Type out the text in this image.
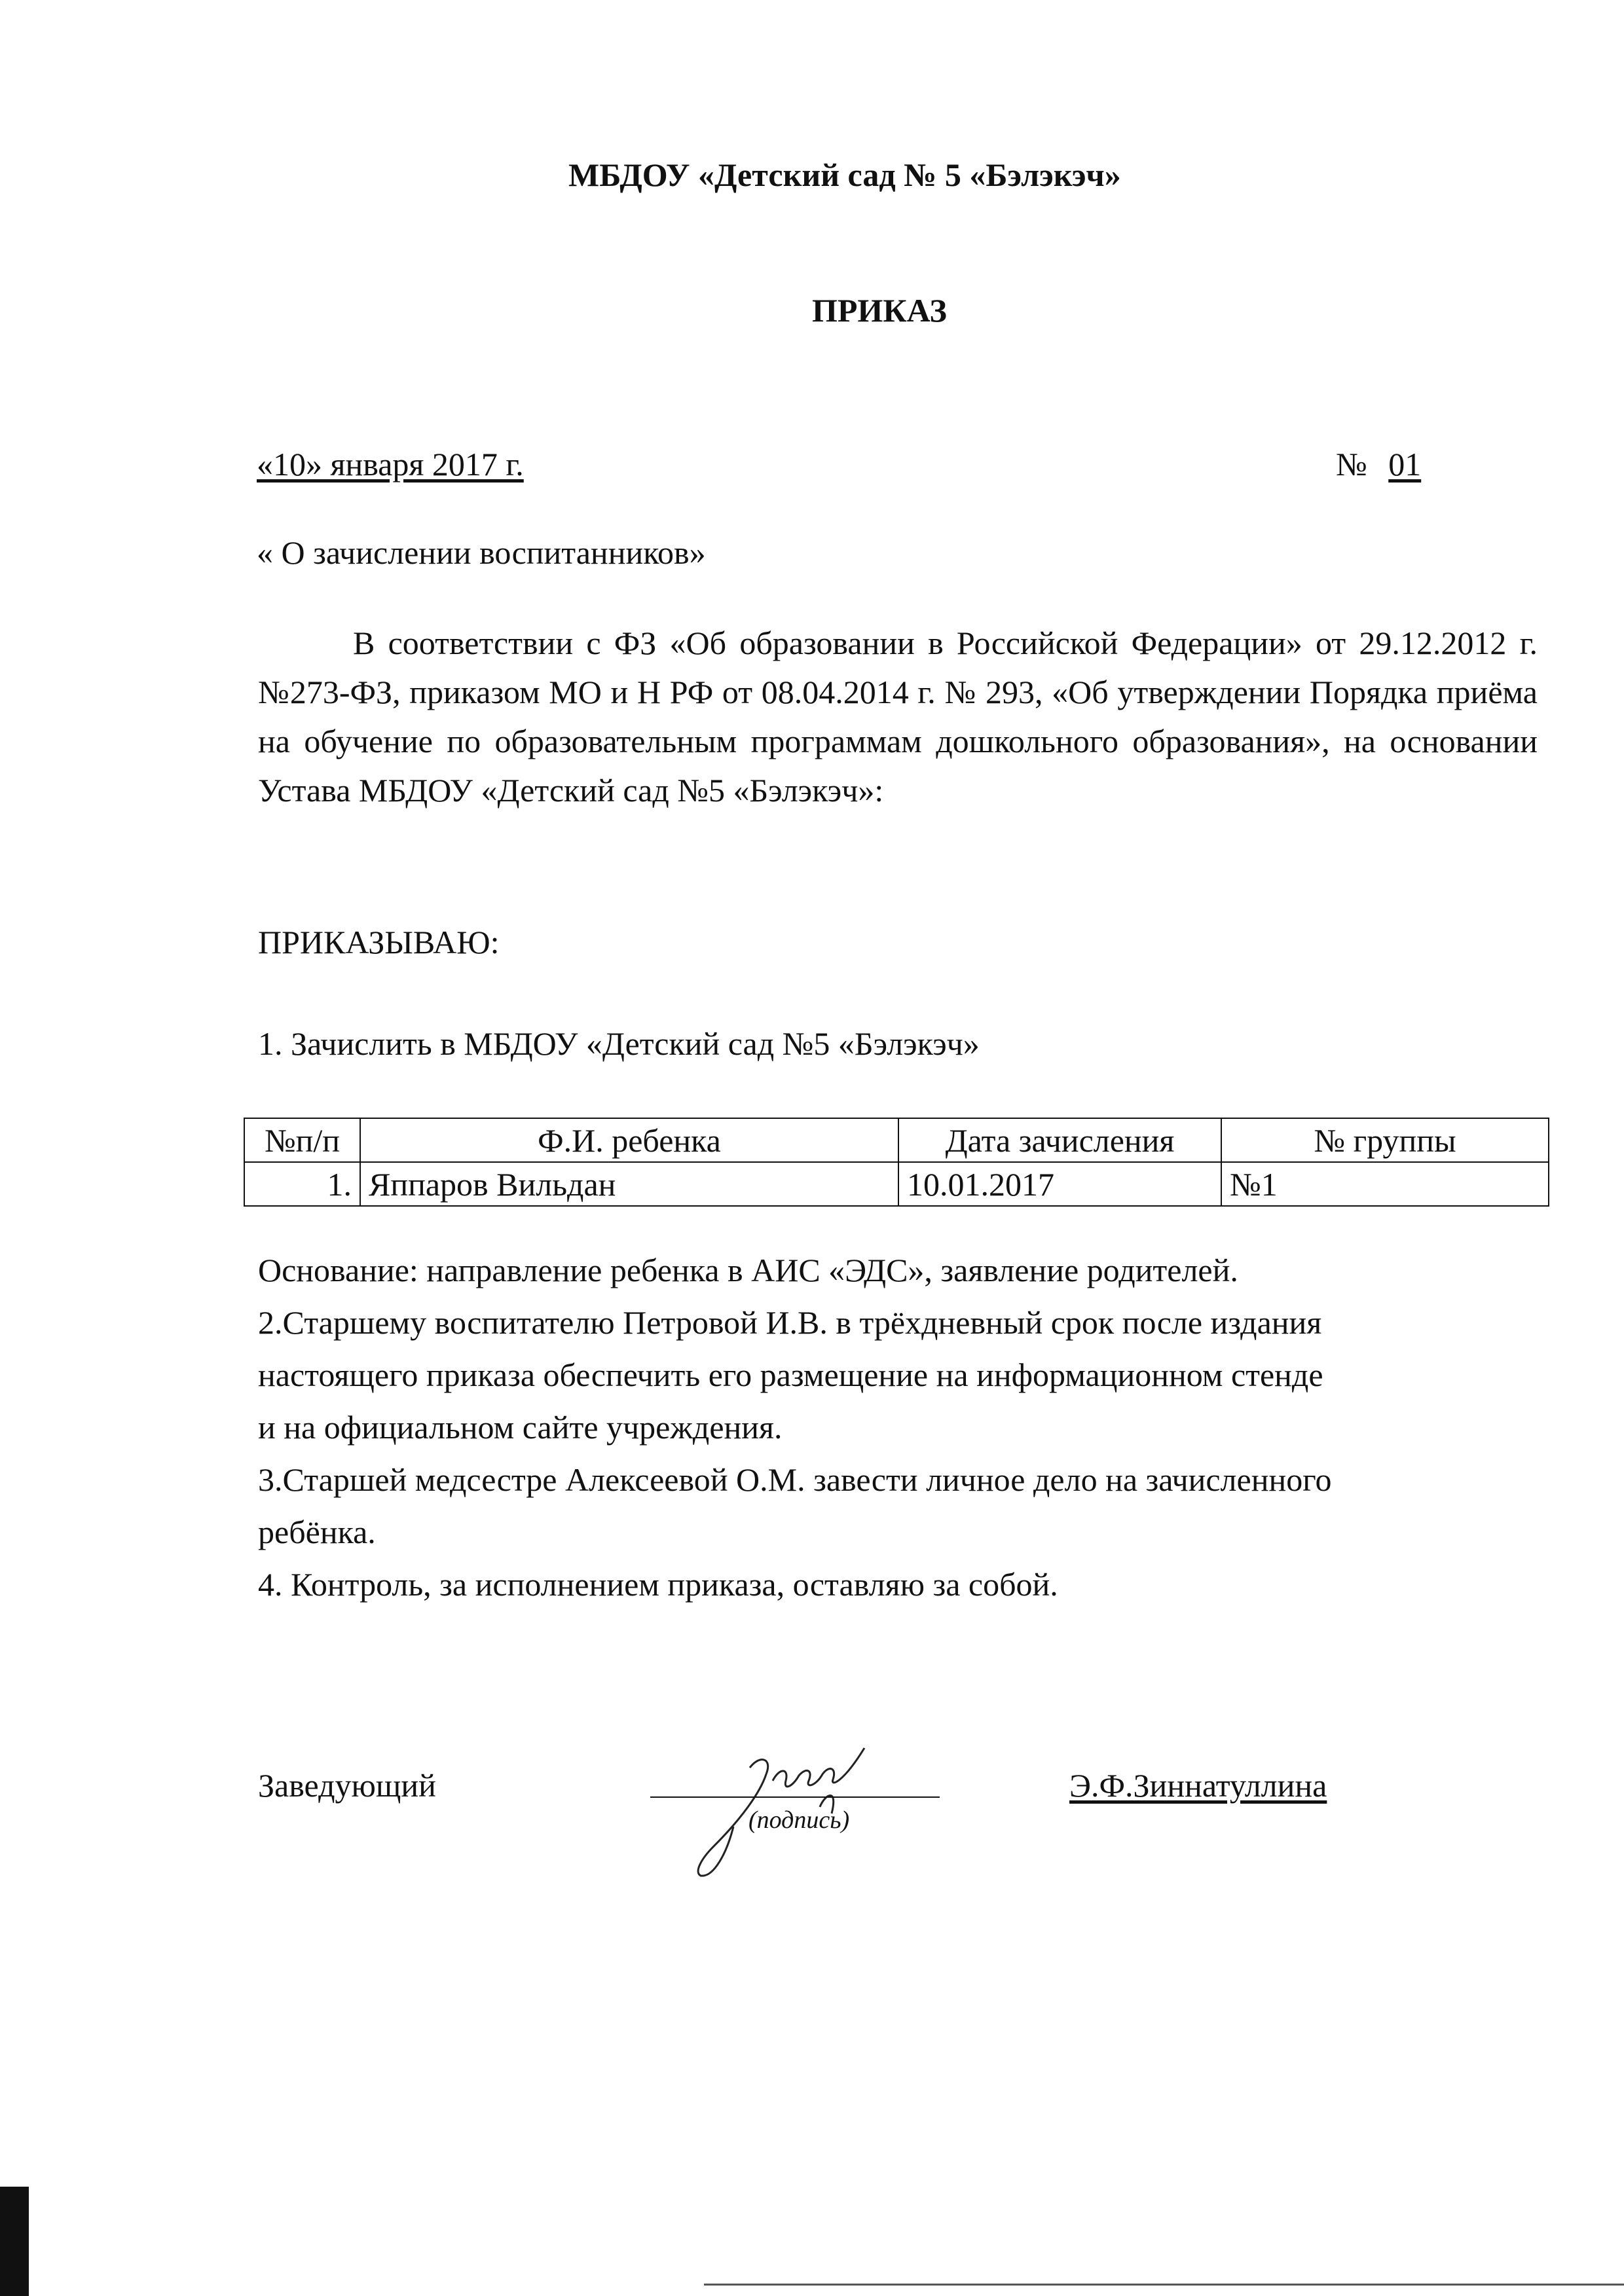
МБДОУ «Детский сад № 5 «Бэлэкэч»
ПРИКАЗ
«10» января 2017 г.	№ 01
« О зачислении воспитанников»

В соответствии с ФЗ «Об образовании в Российской Федерации» от 29.12.2012 г. №273-ФЗ, приказом МО и Н РФ от 08.04.2014 г. № 293, «Об утверждении Порядка приёма на обучение по образовательным программам дошкольного образования», на основании Устава МБДОУ «Детский сад №5 «Бэлэкэч»:

ПРИКАЗЫВАЮ:
1. Зачислить в МБДОУ «Детский сад №5 «Бэлэкэч»
№п/п	Ф.И. ребенка	Дата зачисления	№ группы
1.	Яппаров Вильдан	10.01.2017	№1

Основание: направление ребенка в АИС «ЭДС», заявление родителей.

2.Старшему воспитателю Петровой И.В. в трёхдневный срок после издания

настоящего приказа обеспечить его размещение на информационном стенде

и на официальном сайте учреждения.

3.Старшей медсестре Алексеевой О.М. завести личное дело на зачисленного

ребёнка.

4. Контроль, за исполнением приказа, оставляю за собой.

Заведующий
(подпись)
Э.Ф.Зиннатуллина
